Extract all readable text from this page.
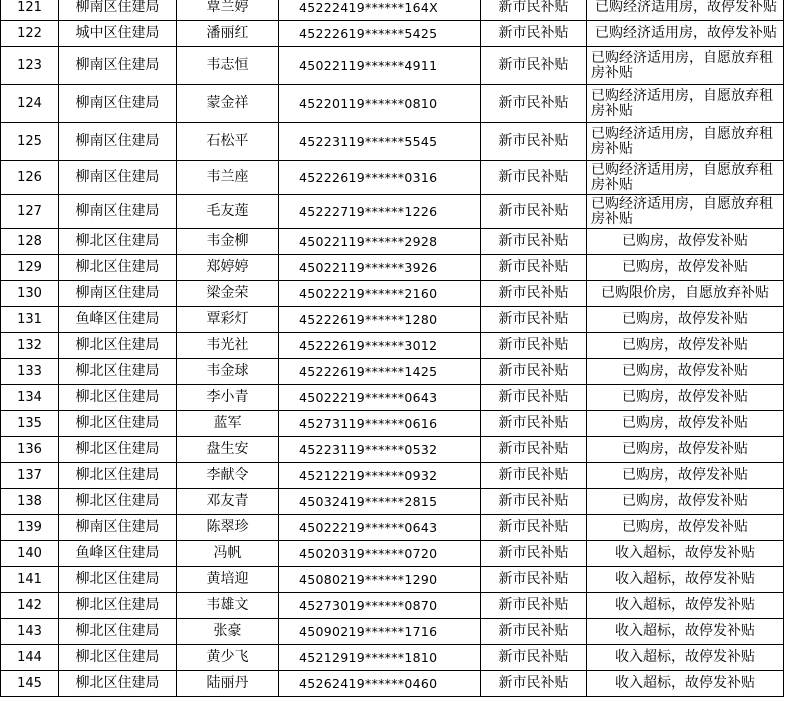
121	柳南区住建局	覃兰婷	45222419******164X	新市民补贴	已购经济适用房，故停发补贴
122	城中区住建局	潘丽红	45222619******5425	新市民补贴	已购经济适用房，故停发补贴
123	柳南区住建局	韦志恒	45022119******4911	新市民补贴	已购经济适用房，自愿放弃租房补贴
124	柳南区住建局	蒙金祥	45220119******0810	新市民补贴	已购经济适用房，自愿放弃租房补贴
125	柳南区住建局	石松平	45223119******5545	新市民补贴	已购经济适用房，自愿放弃租房补贴
126	柳南区住建局	韦兰座	45222619******0316	新市民补贴	已购经济适用房，自愿放弃租房补贴
127	柳南区住建局	毛友莲	45222719******1226	新市民补贴	已购经济适用房，自愿放弃租房补贴
128	柳北区住建局	韦金柳	45022119******2928	新市民补贴	已购房，故停发补贴
129	柳北区住建局	郑婷婷	45022119******3926	新市民补贴	已购房，故停发补贴
130	柳南区住建局	梁金荣	45022219******2160	新市民补贴	已购限价房，自愿放弃补贴
131	鱼峰区住建局	覃彩灯	45222619******1280	新市民补贴	已购房，故停发补贴
132	柳北区住建局	韦光社	45222619******3012	新市民补贴	已购房，故停发补贴
133	柳北区住建局	韦金球	45222619******1425	新市民补贴	已购房，故停发补贴
134	柳北区住建局	李小青	45022219******0643	新市民补贴	已购房，故停发补贴
135	柳北区住建局	蓝军	45273119******0616	新市民补贴	已购房，故停发补贴
136	柳北区住建局	盘生安	45223119******0532	新市民补贴	已购房，故停发补贴
137	柳北区住建局	李献令	45212219******0932	新市民补贴	已购房，故停发补贴
138	柳北区住建局	邓友青	45032419******2815	新市民补贴	已购房，故停发补贴
139	柳南区住建局	陈翠珍	45022219******0643	新市民补贴	已购房，故停发补贴
140	鱼峰区住建局	冯帆	45020319******0720	新市民补贴	收入超标，故停发补贴
141	柳北区住建局	黄培迎	45080219******1290	新市民补贴	收入超标，故停发补贴
142	柳北区住建局	韦雄文	45273019******0870	新市民补贴	收入超标，故停发补贴
143	柳北区住建局	张豪	45090219******1716	新市民补贴	收入超标，故停发补贴
144	柳北区住建局	黄少飞	45212919******1810	新市民补贴	收入超标，故停发补贴
145	柳北区住建局	陆丽丹	45262419******0460	新市民补贴	收入超标，故停发补贴
